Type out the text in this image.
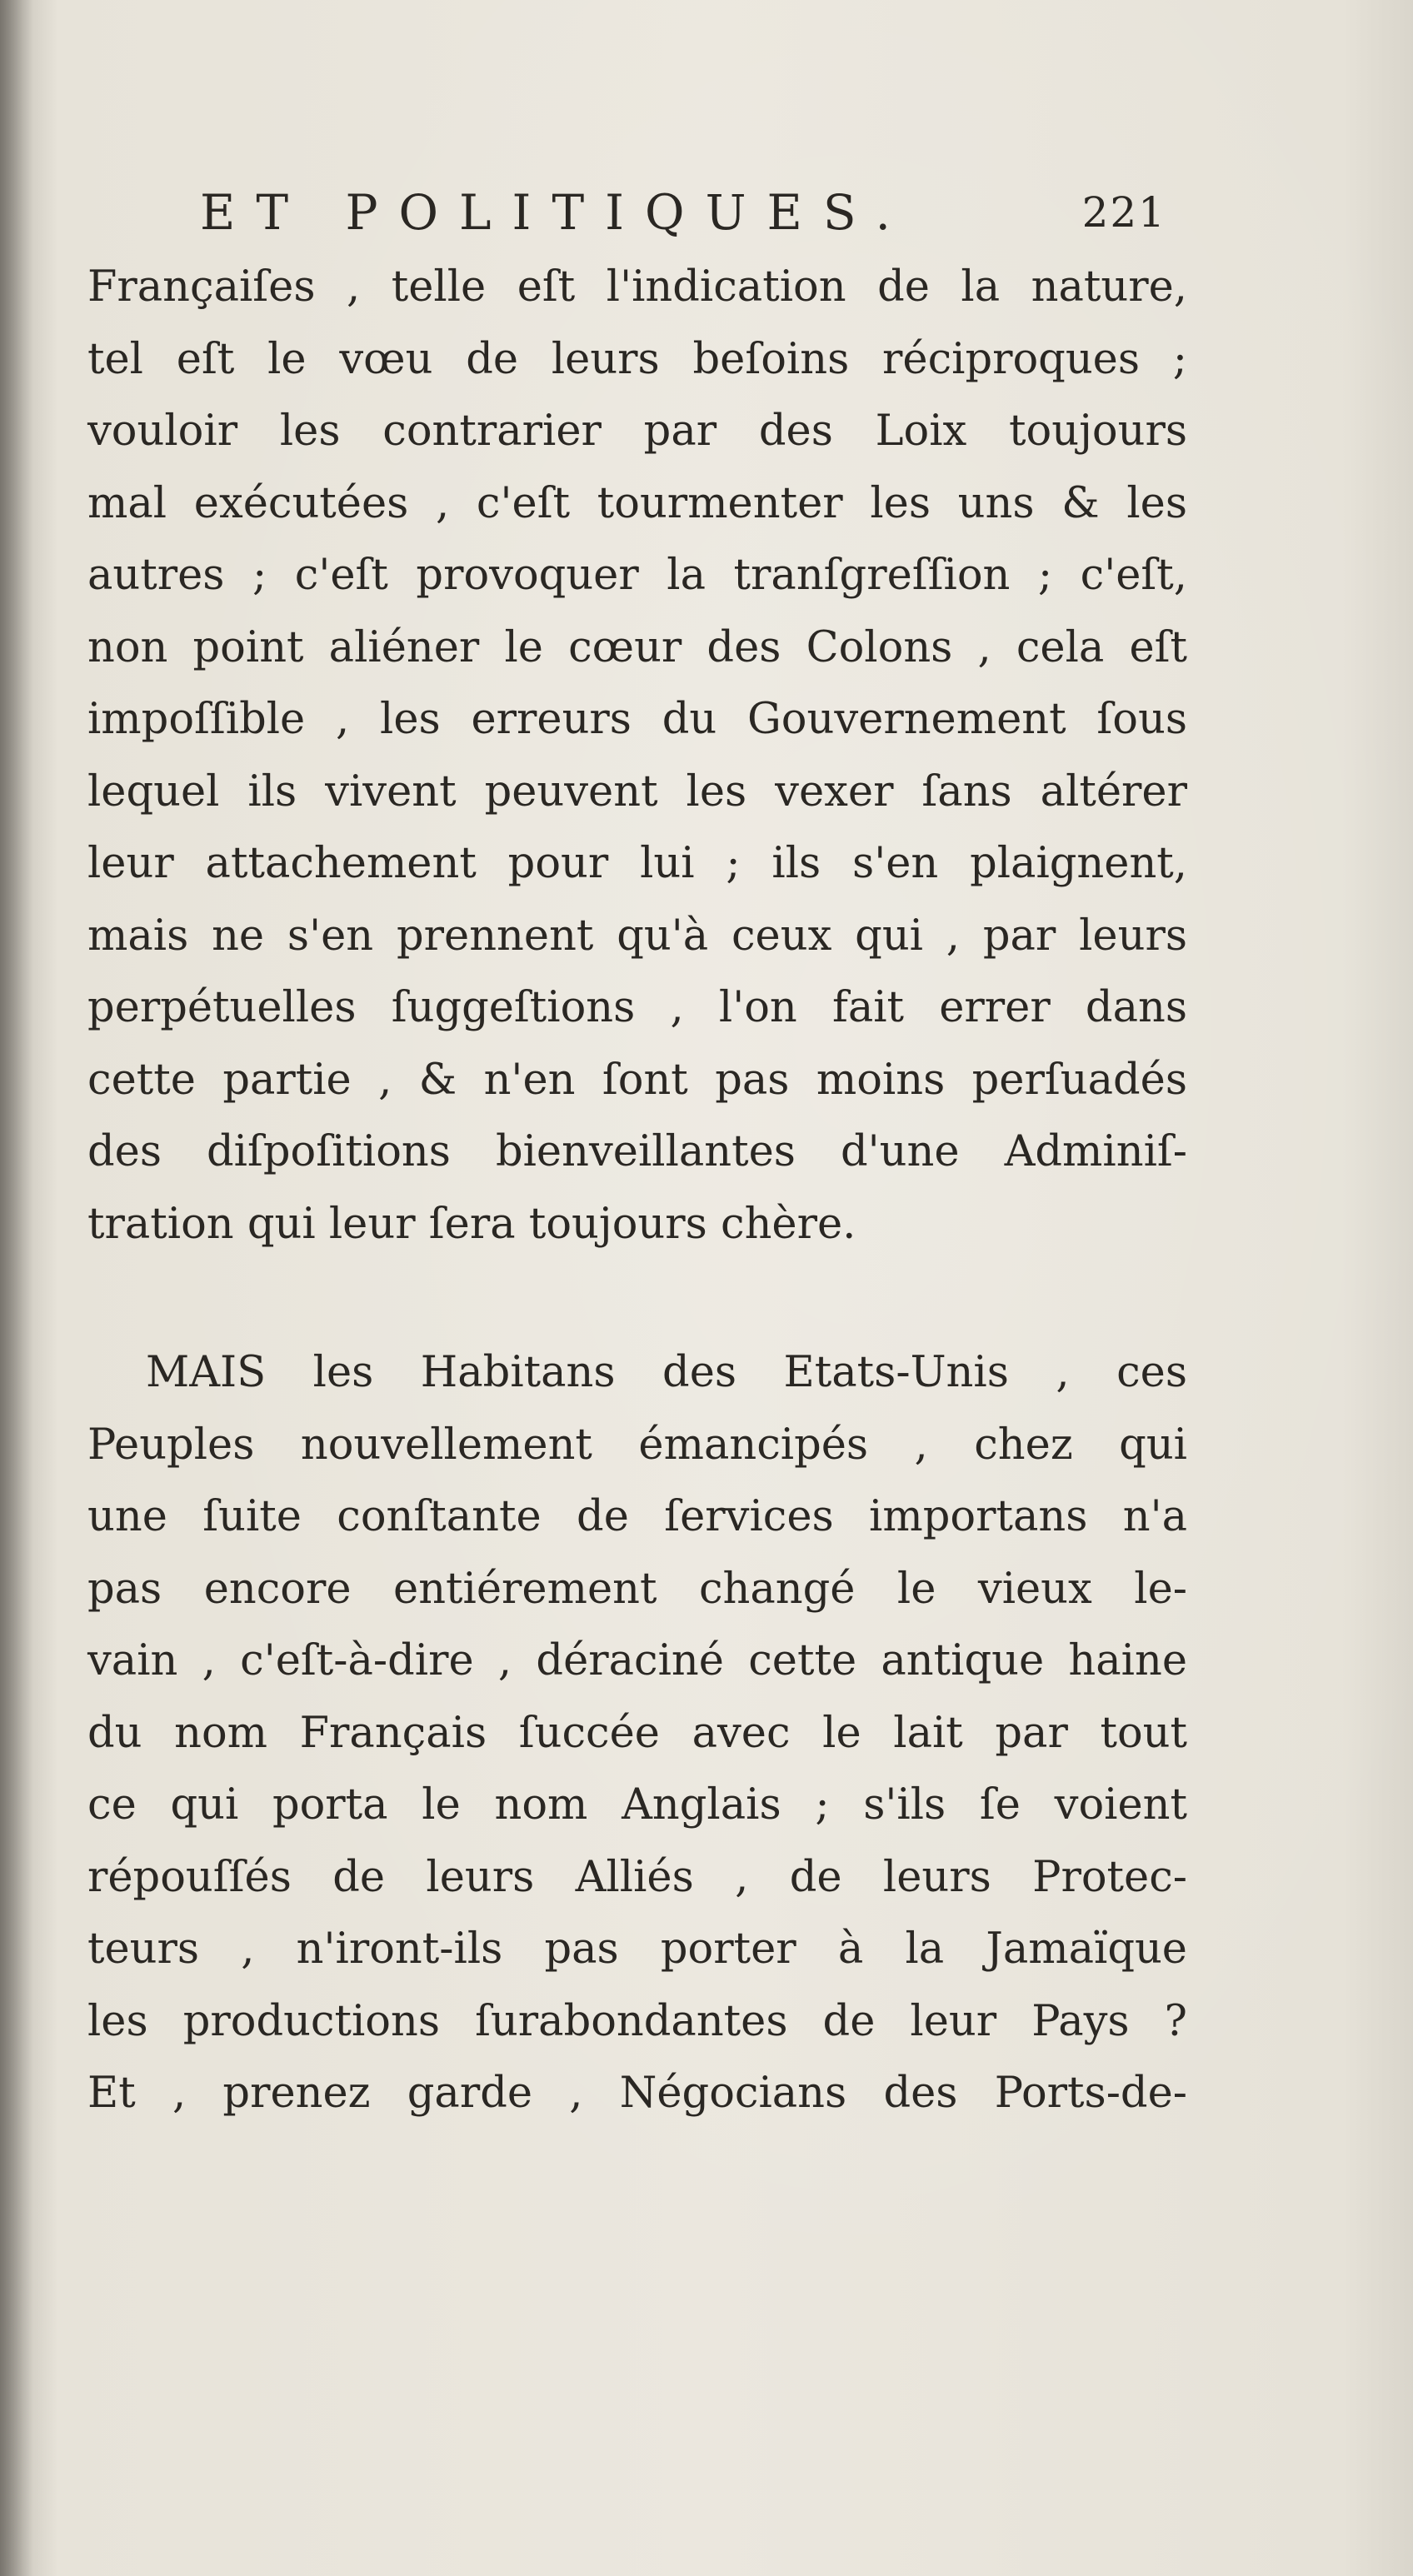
ET POLITIQUES.	221
Françaiſes , telle eſt l'indication de la nature,
tel eſt le vœu de leurs beſoins réciproques ;
vouloir les contrarier par des Loix toujours
mal exécutées , c'eſt tourmenter les uns & les
autres ; c'eſt provoquer la tranſgreſſion ; c'eſt,
non point aliéner le cœur des Colons , cela eſt
impoſſible , les erreurs du Gouvernement ſous
lequel ils vivent peuvent les vexer ſans altérer
leur attachement pour lui ; ils s'en plaignent,
mais ne s'en prennent qu'à ceux qui , par leurs
perpétuelles ſuggeſtions , l'on fait errer dans
cette partie , & n'en ſont pas moins perſuadés
des diſpoſitions bienveillantes d'une Adminiſ-
tration qui leur ſera toujours chère.
MAIS les Habitans des Etats-Unis , ces
Peuples nouvellement émancipés , chez qui
une ſuite conſtante de ſervices importans n'a
pas encore entiérement changé le vieux le-
vain , c'eſt-à-dire , déraciné cette antique haine
du nom Français ſuccée avec le lait par tout
ce qui porta le nom Anglais ; s'ils ſe voient
répouſſés de leurs Alliés , de leurs Protec-
teurs , n'iront-ils pas porter à la Jamaïque
les productions ſurabondantes de leur Pays ?
Et , prenez garde , Négocians des Ports-de-
